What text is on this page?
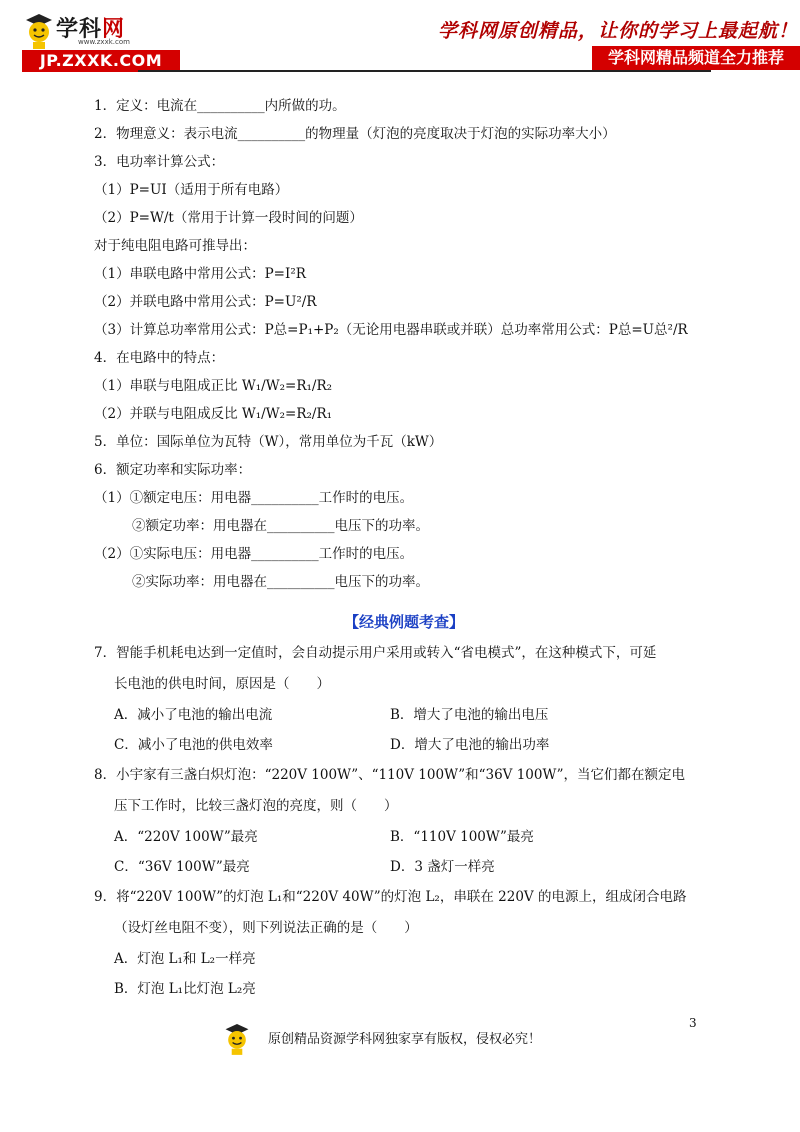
学科网
www.zxxk.com
JP.ZXXK.COM
学科网原创精品，让你的学习上最起航！
学科网精品频道全力推荐
1．定义：电流在__________内所做的功。
2．物理意义：表示电流__________的物理量（灯泡的亮度取决于灯泡的实际功率大小）
3．电功率计算公式：
（1）P=UI（适用于所有电路）
（2）P=W/t（常用于计算一段时间的问题）
对于纯电阻电路可推导出：
（1）串联电路中常用公式：P=I²R
（2）并联电路中常用公式：P=U²/R
（3）计算总功率常用公式：P总=P₁+P₂（无论用电器串联或并联）总功率常用公式：P总=U总²/R
4．在电路中的特点：
（1）串联与电阻成正比 W₁/W₂=R₁/R₂
（2）并联与电阻成反比 W₁/W₂=R₂/R₁
5．单位：国际单位为瓦特（W），常用单位为千瓦（kW）
6．额定功率和实际功率：
（1）①额定电压：用电器__________工作时的电压。
②额定功率：用电器在__________电压下的功率。
（2）①实际电压：用电器__________工作时的电压。
②实际功率：用电器在__________电压下的功率。
【经典例题考查】
7．智能手机耗电达到一定值时，会自动提示用户采用或转入“省电模式”，在这种模式下，可延
长电池的供电时间，原因是（　　）
A．减小了电池的输出电流	B．增大了电池的输出电压
C．减小了电池的供电效率	D．增大了电池的输出功率
8．小宇家有三盏白炽灯泡：“220V 100W”、“110V 100W”和“36V 100W”，当它们都在额定电
压下工作时，比较三盏灯泡的亮度，则（　　）
A．“220V 100W”最亮	B．“110V 100W”最亮
C．“36V 100W”最亮	D．3 盏灯一样亮
9．将“220V 100W”的灯泡 L₁和“220V 40W”的灯泡 L₂，串联在 220V 的电源上，组成闭合电路
（设灯丝电阻不变），则下列说法正确的是（　　）
A．灯泡 L₁和 L₂一样亮
B．灯泡 L₁比灯泡 L₂亮
3
原创精品资源学科网独家享有版权，侵权必究！
